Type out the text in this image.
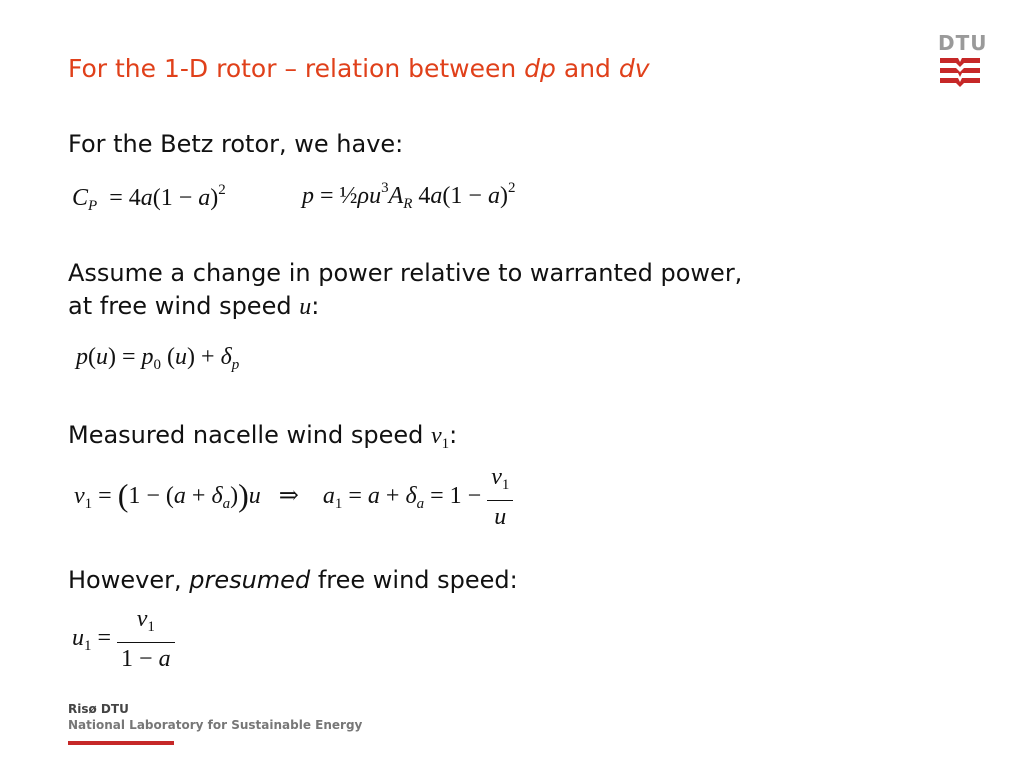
For the 1-D rotor – relation between dp and dv
DTU
For the Betz rotor, we have:
$C_P = 4a(1 - a)^2$	$p = \frac{1}{2}\rho u^3A_R$ $4a(1 - a)^2$
Assume a change in power relative to warranted power,
at free wind speed u:
$p(u) = p_0$ $(u) + \delta_p$
Measured nacelle wind speed $v_1$:
$v_1 = (1 - (a + \delta_a))u$   ⇒    $a_1 = a + \delta_a = 1 - \frac{v_1}{u}$
However, presumed free wind speed:
$u_1 = \frac{v_1}{1 - a}$
Risø DTU
National Laboratory for Sustainable Energy
